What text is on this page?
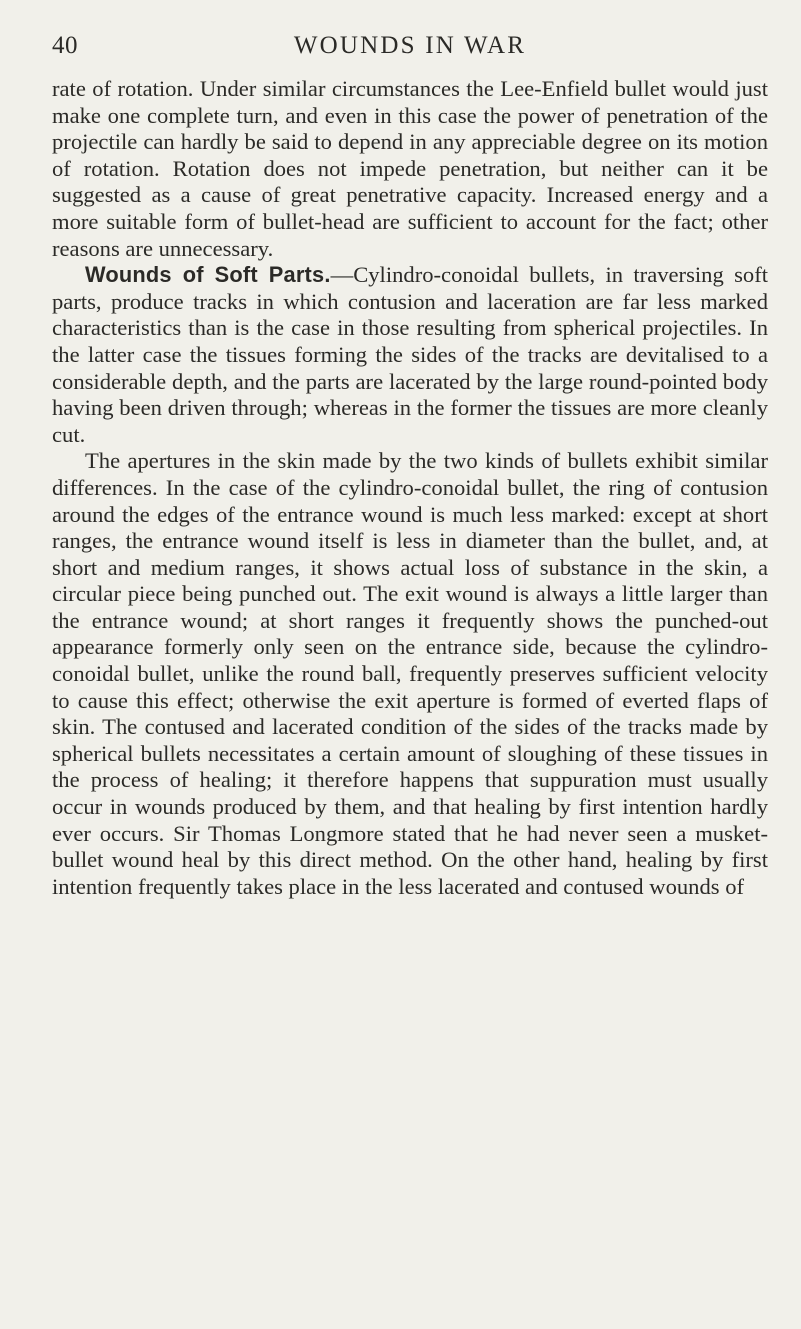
40	WOUNDS IN WAR

rate of rotation. Under similar circumstances the Lee-Enfield bullet would just make one complete turn, and even in this case the power of penetration of the projectile can hardly be said to depend in any appreciable degree on its motion of rotation. Rotation does not impede penetration, but neither can it be suggested as a cause of great penetrative capacity. Increased energy and a more suitable form of bullet-head are sufficient to account for the fact; other reasons are unnecessary.

Wounds of Soft Parts.—Cylindro-conoidal bullets, in traversing soft parts, produce tracks in which contusion and laceration are far less marked characteristics than is the case in those resulting from spherical projectiles. In the latter case the tissues forming the sides of the tracks are devitalised to a considerable depth, and the parts are lacerated by the large round-pointed body having been driven through; whereas in the former the tissues are more cleanly cut.

The apertures in the skin made by the two kinds of bullets exhibit similar differences. In the case of the cylindro-conoidal bullet, the ring of contusion around the edges of the entrance wound is much less marked: except at short ranges, the entrance wound itself is less in diameter than the bullet, and, at short and medium ranges, it shows actual loss of substance in the skin, a circular piece being punched out. The exit wound is always a little larger than the entrance wound; at short ranges it frequently shows the punched-out appearance formerly only seen on the entrance side, because the cylindro-conoidal bullet, unlike the round ball, frequently preserves sufficient velocity to cause this effect; otherwise the exit aperture is formed of everted flaps of skin. The contused and lacerated condition of the sides of the tracks made by spherical bullets necessitates a certain amount of sloughing of these tissues in the process of healing; it therefore happens that suppuration must usually occur in wounds produced by them, and that healing by first intention hardly ever occurs. Sir Thomas Longmore stated that he had never seen a musket-bullet wound heal by this direct method. On the other hand, healing by first intention frequently takes place in the less lacerated and contused wounds of
